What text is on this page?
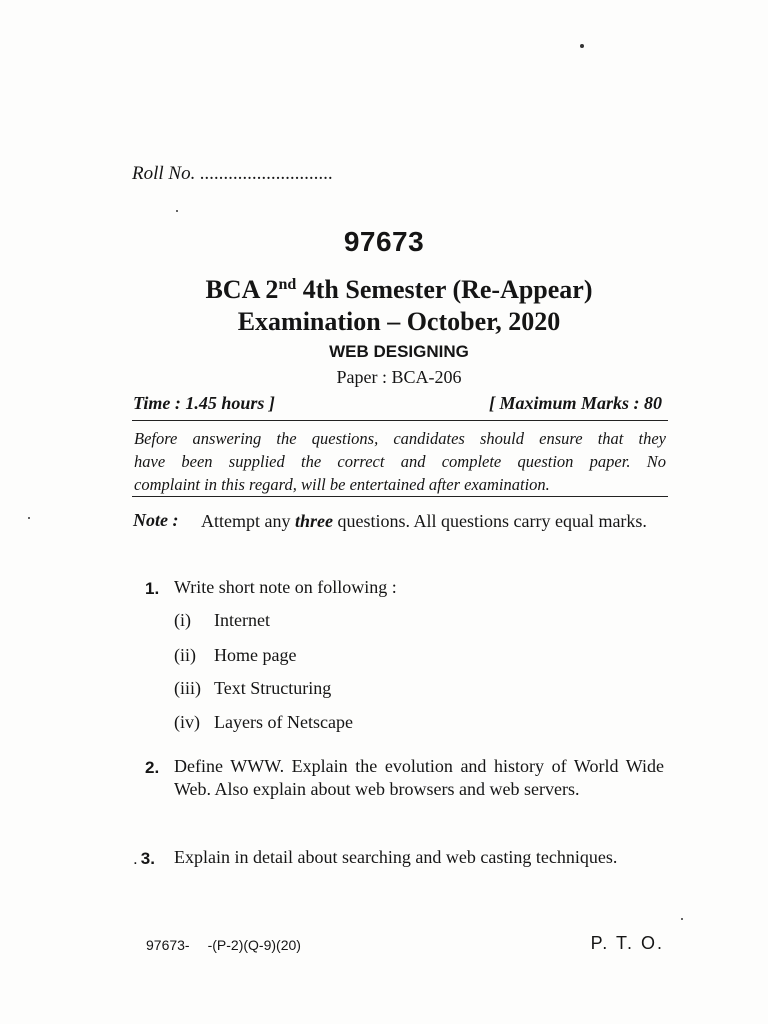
Roll No. ............................
97673
BCA 2nd 4th Semester (Re-Appear)
Examination – October, 2020
WEB DESIGNING
Paper : BCA-206
Time : 1.45 hours ]	[ Maximum Marks : 80
Before answering the questions, candidates should ensure that they
have been supplied the correct and complete question paper. No
complaint in this regard, will be entertained after examination.
Note : Attempt any three questions. All questions carry equal marks.
1. Write short note on following :
(i) Internet
(ii) Home page
(iii) Text Structuring
(iv) Layers of Netscape
2. Define WWW. Explain the evolution and history of World Wide Web. Also explain about web browsers and web servers.
. 3. Explain in detail about searching and web casting techniques.
97673- -(P-2)(Q-9)(20)	P. T. O.
